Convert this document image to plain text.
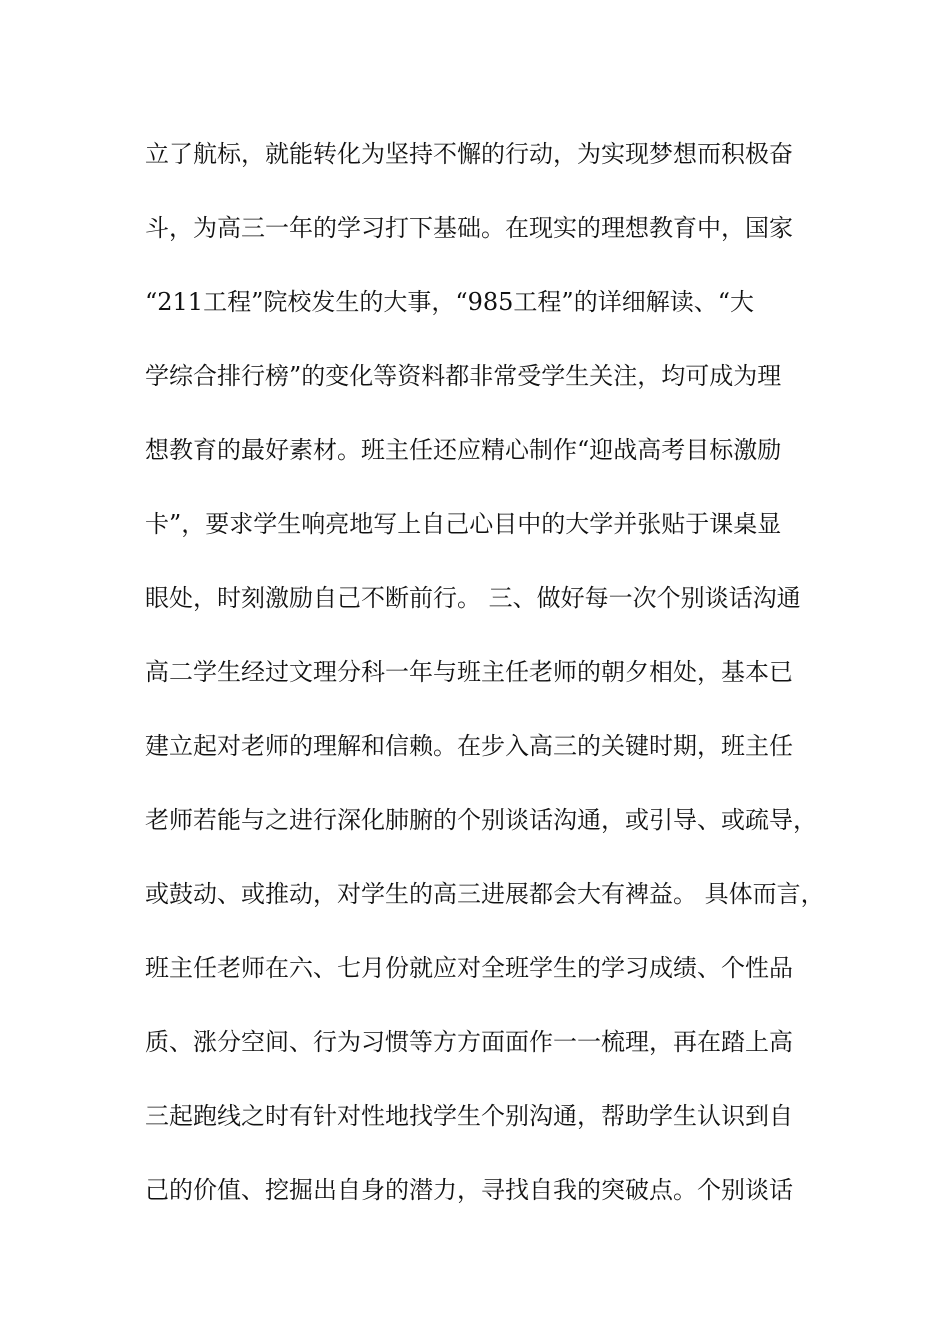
立了航标，就能转化为坚持不懈的行动，为实现梦想而积极奋
斗，为高三一年的学习打下基础。在现实的理想教育中，国家
“211工程”院校发生的大事，“985工程”的详细解读、“大
学综合排行榜”的变化等资料都非常受学生关注，均可成为理
想教育的最好素材。班主任还应精心制作“迎战高考目标激励
卡”，要求学生响亮地写上自己心目中的大学并张贴于课桌显
眼处，时刻激励自己不断前行。 三、做好每一次个别谈话沟通
高二学生经过文理分科一年与班主任老师的朝夕相处，基本已
建立起对老师的理解和信赖。在步入高三的关键时期，班主任
老师若能与之进行深化肺腑的个别谈话沟通，或引导、或疏导，
或鼓动、或推动，对学生的高三进展都会大有裨益。 具体而言，
班主任老师在六、七月份就应对全班学生的学习成绩、个性品
质、涨分空间、行为习惯等方方面面作一一梳理，再在踏上高
三起跑线之时有针对性地找学生个别沟通，帮助学生认识到自
己的价值、挖掘出自身的潜力，寻找自我的突破点。个别谈话
